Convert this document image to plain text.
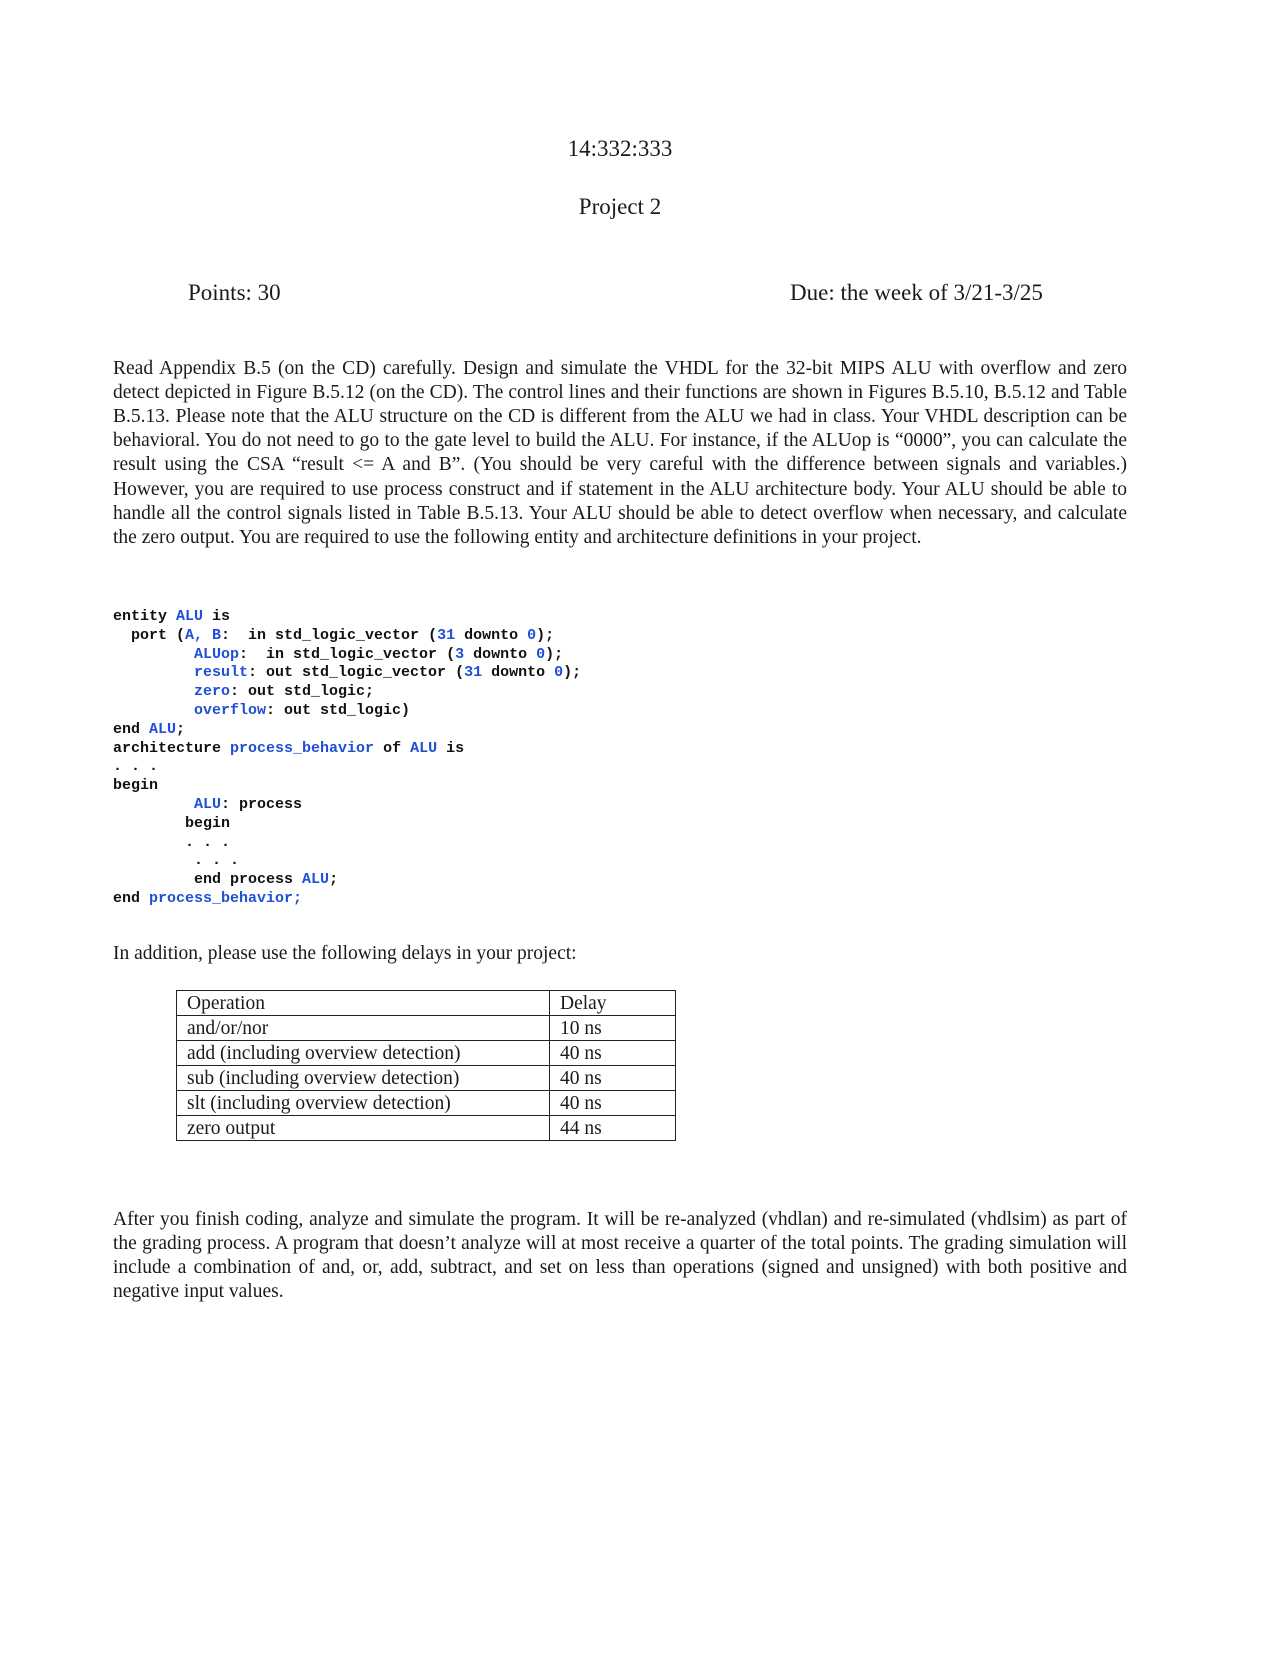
14:332:333
Project 2
Points: 30	Due: the week of 3/21-3/25

Read Appendix B.5 (on the CD) carefully. Design and simulate the VHDL for the 32-bit MIPS ALU with overflow and zero detect depicted in Figure B.5.12 (on the CD). The control lines and their functions are shown in Figures B.5.10, B.5.12 and Table B.5.13. Please note that the ALU structure on the CD is different from the ALU we had in class. Your VHDL description can be behavioral. You do not need to go to the gate level to build the ALU. For instance, if the ALUop is “0000”, you can calculate the result using the CSA “result <= A and B”. (You should be very careful with the difference between signals and variables.) However, you are required to use process construct and if statement in the ALU architecture body. Your ALU should be able to handle all the control signals listed in Table B.5.13. Your ALU should be able to detect overflow when necessary, and calculate the zero output. You are required to use the following entity and architecture definitions in your project.

entity ALU is
port (A, B:  in std_logic_vector (31 downto 0);
ALUop:  in std_logic_vector (3 downto 0);
result: out std_logic_vector (31 downto 0);
zero: out std_logic;
overflow: out std_logic)
end ALU;
architecture process_behavior of ALU is
. . .
begin
ALU: process
begin
. . .
. . .
end process ALU;
end process_behavior;
In addition, please use the following delays in your project:
Operation	Delay
and/or/nor	10 ns
add (including overview detection)	40 ns
sub (including overview detection)	40 ns
slt (including overview detection)	40 ns
zero output	44 ns

After you finish coding, analyze and simulate the program. It will be re-analyzed (vhdlan) and re-simulated (vhdlsim) as part of the grading process. A program that doesn’t analyze will at most receive a quarter of the total points. The grading simulation will include a combination of and, or, add, subtract, and set on less than operations (signed and unsigned) with both positive and negative input values.
